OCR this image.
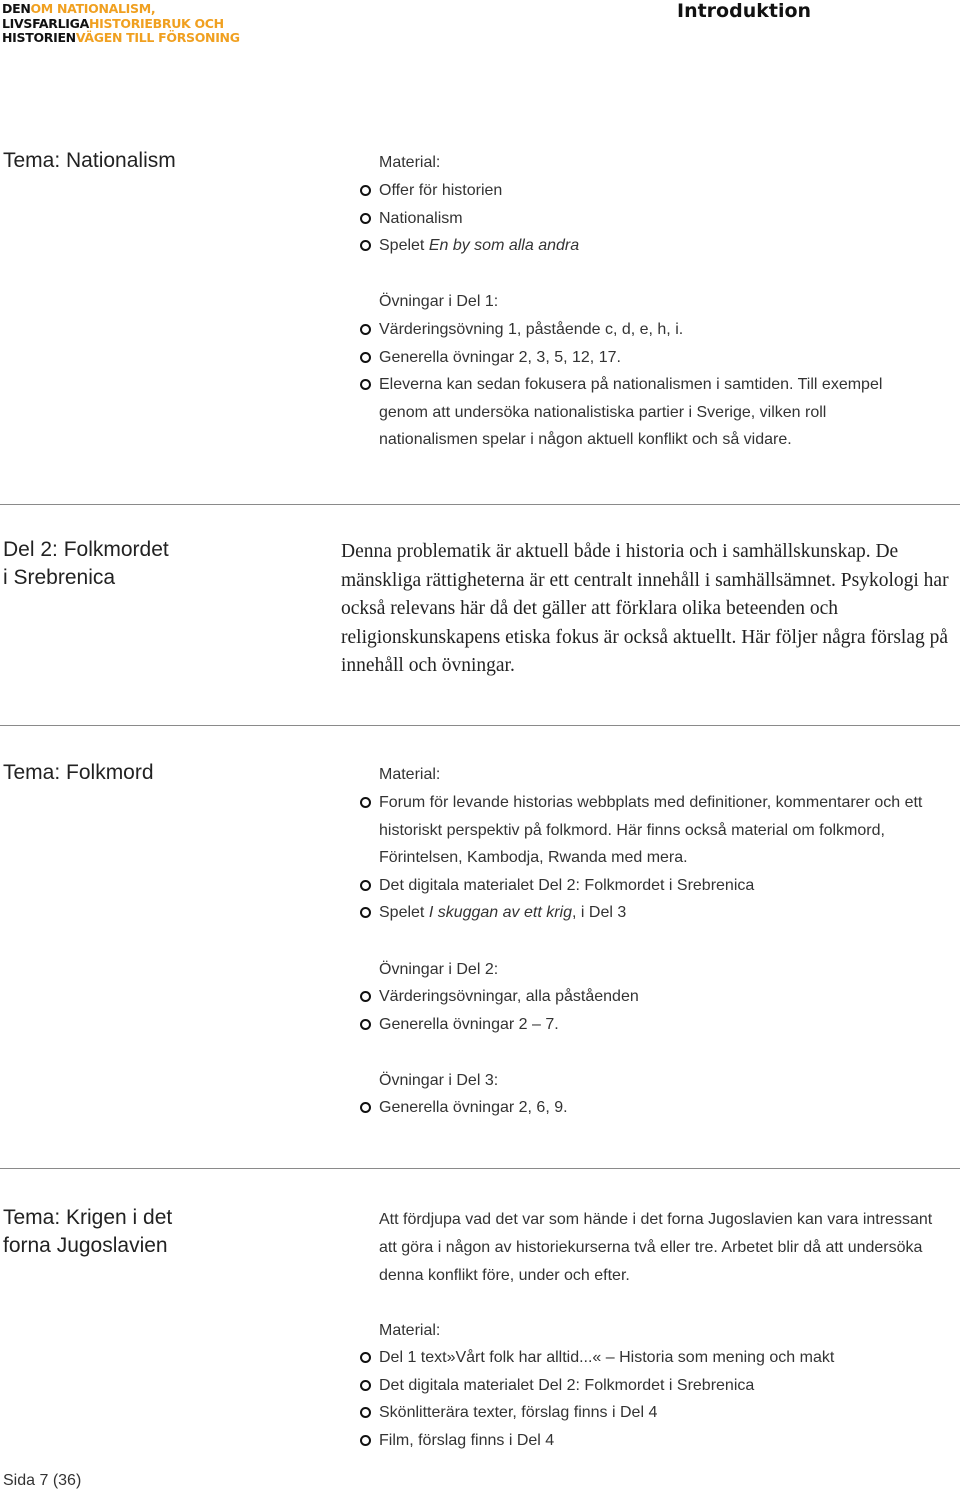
DENOM NATIONALISM,
LIVSFARLIGAHISTORIEBRUK OCH
HISTORIENVÄGEN TILL FÖRSONING
Introduktion
Tema: Nationalism	Material:
Offer för historien
Nationalism
Spelet En by som alla andra
Övningar i Del 1:
Värderingsövning 1, påstående c, d, e, h, i.
Generella övningar 2, 3, 5, 12, 17.
Eleverna kan sedan fokusera på nationalismen i samtiden. Till exempel genom att undersöka nationalistiska partier i Sverige, vilken roll nationalismen spelar i någon aktuell konflikt och så vidare.
Del 2: Folkmordet
i Srebrenica
Denna problematik är aktuell både i historia och i samhällskunskap. De mänskliga rättigheterna är ett centralt innehåll i samhällsämnet. Psykologi har också relevans här då det gäller att förklara olika beteenden och religionskunskapens etiska fokus är också aktuellt. Här följer några förslag på innehåll och övningar.
Tema: Folkmord	Material:
Forum för levande historias webbplats med definitioner, kommentarer och ett historiskt perspektiv på folkmord. Här finns också material om folkmord, Förintelsen, Kambodja, Rwanda med mera.
Det digitala materialet Del 2: Folkmordet i Srebrenica
Spelet I skuggan av ett krig, i Del 3
Övningar i Del 2:
Värderingsövningar, alla påståenden
Generella övningar 2 – 7.
Övningar i Del 3:
Generella övningar 2, 6, 9.
Tema: Krigen i det
forna Jugoslavien
Att fördjupa vad det var som hände i det forna Jugoslavien kan vara intressant att göra i någon av historiekurserna två eller tre. Arbetet blir då att undersöka denna konflikt före, under och efter.
Material:
Del 1 text»Vårt folk har alltid...« – Historia som mening och makt
Det digitala materialet Del 2: Folkmordet i Srebrenica
Skönlitterära texter, förslag finns i Del 4
Film, förslag finns i Del 4
Sida 7 (36)
